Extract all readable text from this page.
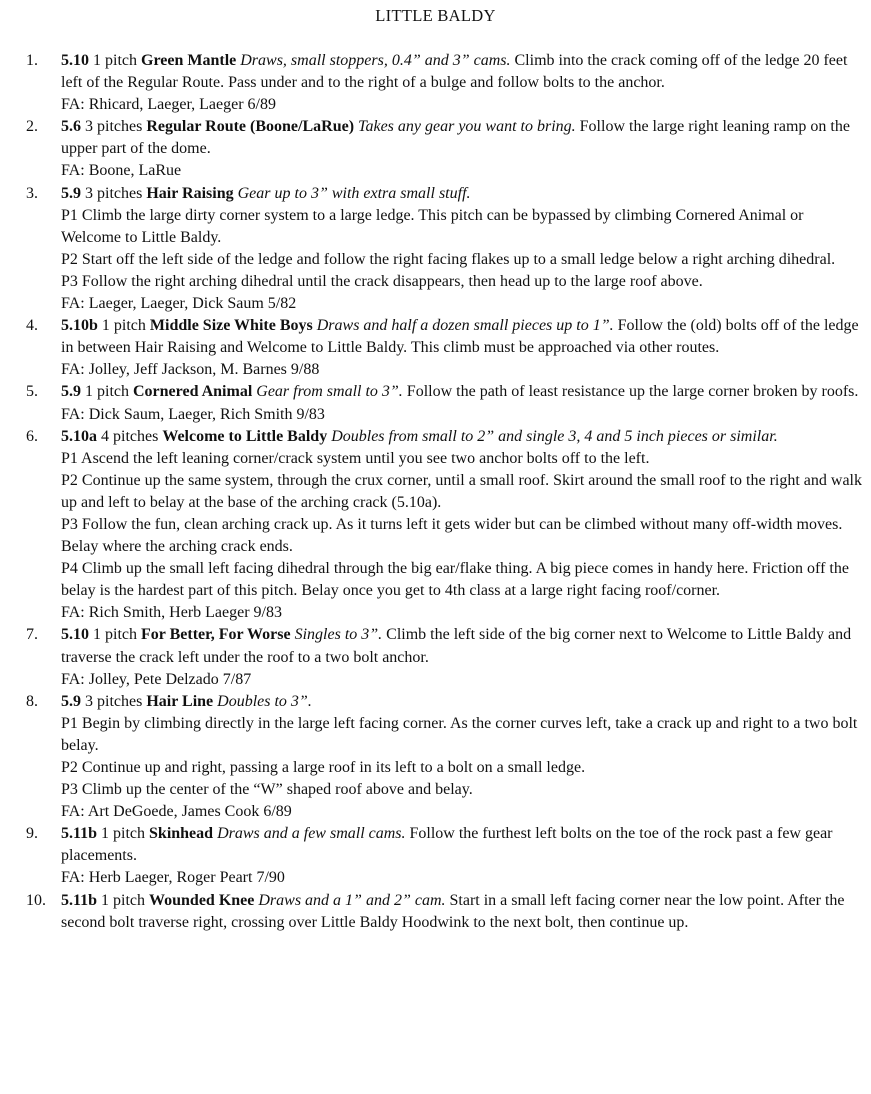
LITTLE BALDY
1.	5.10 1 pitch Green Mantle Draws, small stoppers, 0.4” and 3” cams. Climb into the crack coming off of the ledge 20 feet left of the Regular Route. Pass under and to the right of a bulge and follow bolts to the anchor.

FA: Rhicard, Laeger, Laeger 6/89

2.	5.6 3 pitches Regular Route (Boone/LaRue) Takes any gear you want to bring. Follow the large right leaning ramp on the upper part of the dome.

FA: Boone, LaRue

3.	5.9 3 pitches Hair Raising Gear up to 3” with extra small stuff.

P1 Climb the large dirty corner system to a large ledge. This pitch can be bypassed by climbing Cornered Animal or Welcome to Little Baldy.

P2 Start off the left side of the ledge and follow the right facing flakes up to a small ledge below a right arching dihedral.

P3 Follow the right arching dihedral until the crack disappears, then head up to the large roof above.

FA: Laeger, Laeger, Dick Saum 5/82

4.	5.10b 1 pitch Middle Size White Boys Draws and half a dozen small pieces up to 1”. Follow the (old) bolts off of the ledge in between Hair Raising and Welcome to Little Baldy. This climb must be approached via other routes.

FA: Jolley, Jeff Jackson, M. Barnes 9/88

5.	5.9 1 pitch Cornered Animal Gear from small to 3”. Follow the path of least resistance up the large corner broken by roofs.

FA: Dick Saum, Laeger, Rich Smith 9/83

6.	5.10a 4 pitches Welcome to Little Baldy Doubles from small to 2” and single 3, 4 and 5 inch pieces or similar.

P1 Ascend the left leaning corner/crack system until you see two anchor bolts off to the left.

P2 Continue up the same system, through the crux corner, until a small roof. Skirt around the small roof to the right and walk up and left to belay at the base of the arching crack (5.10a).

P3 Follow the fun, clean arching crack up. As it turns left it gets wider but can be climbed without many off-width moves. Belay where the arching crack ends.

P4 Climb up the small left facing dihedral through the big ear/flake thing. A big piece comes in handy here. Friction off the belay is the hardest part of this pitch. Belay once you get to 4th class at a large right facing roof/corner.

FA: Rich Smith, Herb Laeger 9/83

7.	5.10 1 pitch For Better, For Worse Singles to 3”. Climb the left side of the big corner next to Welcome to Little Baldy and traverse the crack left under the roof to a two bolt anchor.

FA: Jolley, Pete Delzado 7/87

8.	5.9 3 pitches Hair Line Doubles to 3”.

P1 Begin by climbing directly in the large left facing corner. As the corner curves left, take a crack up and right to a two bolt belay.

P2 Continue up and right, passing a large roof in its left to a bolt on a small ledge.

P3 Climb up the center of the “W” shaped roof above and belay.

FA: Art DeGoede, James Cook 6/89

9.	5.11b 1 pitch Skinhead Draws and a few small cams. Follow the furthest left bolts on the toe of the rock past a few gear placements.

FA: Herb Laeger, Roger Peart 7/90

10. 5.11b 1 pitch Wounded Knee Draws and a 1” and 2” cam. Start in a small left facing corner near the low point. After the second bolt traverse right, crossing over Little Baldy Hoodwink to the next bolt, then continue up.
